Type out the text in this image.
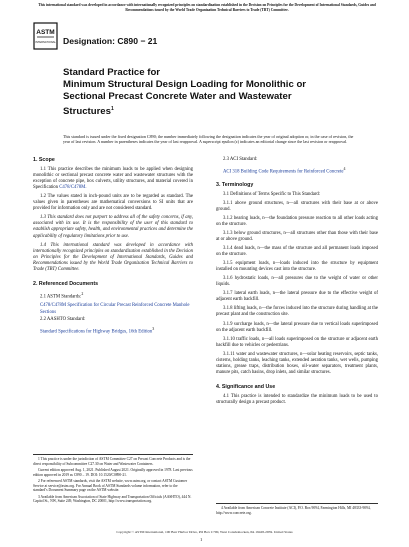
This international standard was developed in accordance with internationally recognized principles on standardization established in the Decision on Principles for the Development of International Standards, Guides and Recommendations issued by the World Trade Organization Technical Barriers to Trade (TBT) Committee.
ASTM
INTERNATIONAL Designation: C890 − 21
Standard Practice for
Minimum Structural Design Loading for Monolithic or
Sectional Precast Concrete Water and Wastewater
Structures$^1$
This standard is issued under the fixed designation C890; the number immediately following the designation indicates the year of original adoption or, in the case of revision, the year of last revision. A number in parentheses indicates the year of last reapproval. A superscript epsilon (ε) indicates an editorial change since the last revision or reapproval.
1. Scope
1.1 This practice describes the minimum loads to be applied when designing monolithic or sectional precast concrete water and wastewater structures with the exception of concrete pipe, box culverts, utility structures, and material covered in Specification C478/C478M.
1.2 The values stated in inch-pound units are to be regarded as standard. The values given in parentheses are mathematical conversions to SI units that are provided for information only and are not considered standard.
1.3 This standard does not purport to address all of the safety concerns, if any, associated with its use. It is the responsibility of the user of this standard to establish appropriate safety, health, and environmental practices and determine the applicability of regulatory limitations prior to use.
1.4 This international standard was developed in accordance with internationally recognized principles on standardization established in the Decision on Principles for the Development of International Standards, Guides and Recommendations issued by the World Trade Organization Technical Barriers to Trade (TBT) Committee.
2. Referenced Documents
2.1 ASTM Standards:$^2$
C478/C478M Specification for Circular Precast Reinforced Concrete Manhole Sections
2.2 AASHTO Standard:
Standard Specifications for Highway Bridges, 16th Edition$^3$
2.3 ACI Standard:
ACI 318 Building Code Requirements for Reinforced Concrete$^4$
3. Terminology
3.1 Definitions of Terms Specific to This Standard:
3.1.1 above ground structures, n—all structures with their base at or above ground.
3.1.2 bearing loads, n—the foundation pressure reaction to all other loads acting on the structure.
3.1.3 below ground structures, n—all structures other than those with their base at or above ground.
3.1.4 dead loads, n—the mass of the structure and all permanent loads imposed on the structure.
3.1.5 equipment loads, n—loads induced into the structure by equipment installed on mounting devices cast into the structure.
3.1.6 hydrostatic loads, n—all pressures due to the weight of water or other liquids.
3.1.7 lateral earth loads, n—the lateral pressure due to the effective weight of adjacent earth backfill.
3.1.8 lifting loads, n—the forces induced into the structure during handling at the precast plant and the construction site.
3.1.9 surcharge loads, n—the lateral pressure due to vertical loads superimposed on the adjacent earth backfill.
3.1.10 traffic loads, n—all loads superimposed on the structure or adjacent earth backfill due to vehicles or pedestrians.
3.1.11 water and wastewater structures, n—solar heating reservoirs, septic tanks, cisterns, holding tanks, leaching tanks, extended aeration tanks, wet wells, pumping stations, grease traps, distribution boxes, oil-water separators, treatment plants, manure pits, catch basins, drop inlets, and similar structures.
4. Significance and Use
4.1 This practice is intended to standardize the minimum loads to be used to structurally design a precast product.
1 This practice is under the jurisdiction of ASTM Committee C27 on Precast Concrete Products and is the direct responsibility of Subcommittee C27.30 on Water and Wastewater Containers.
Current edition approved Aug. 1, 2021. Published August 2021. Originally approved in 1978. Last previous edition approved in 2019 as C890 – 19. DOI: 10.1520/C0890-21.
2 For referenced ASTM standards, visit the ASTM website, www.astm.org, or contact ASTM Customer Service at service@astm.org. For Annual Book of ASTM Standards volume information, refer to the standard’s Document Summary page on the ASTM website.
3 Available from American Association of State Highway and Transportation Officials (AASHTO), 444 N. Capitol St., NW, Suite 249, Washington, DC 20001, http://www.transportation.org.
4 Available from American Concrete Institute (ACI), P.O. Box 9094, Farmington Hills, MI 48333-9094, http://www.concrete.org.
Copyright © ASTM International, 100 Barr Harbor Drive, PO Box C700, West Conshohocken, PA 19428-2959. United States
1
